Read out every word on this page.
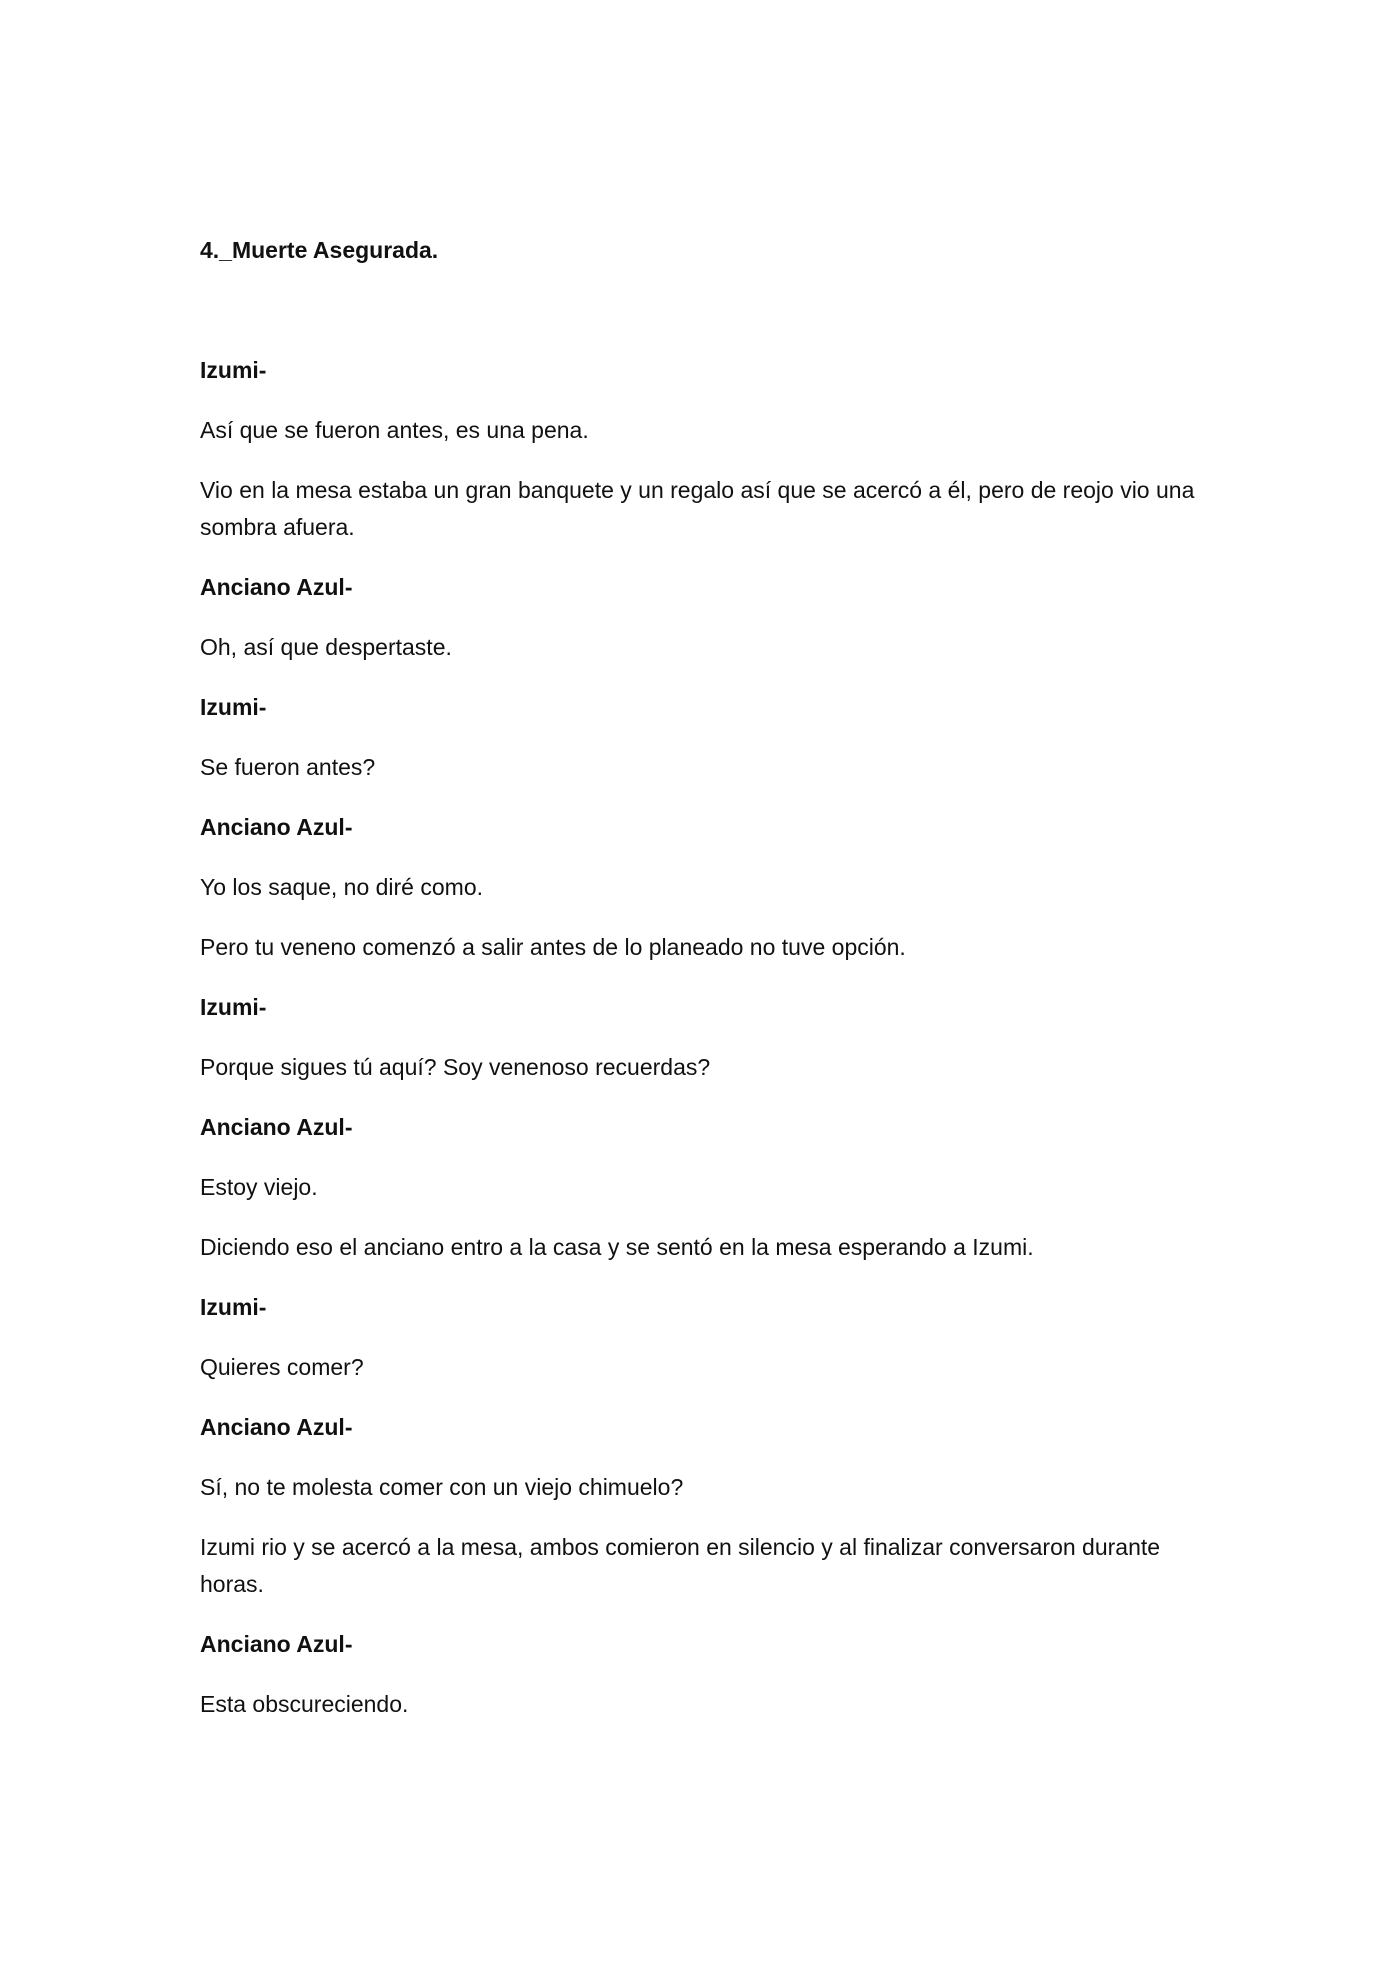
4._Muerte Asegurada.
Izumi-
Así que se fueron antes, es una pena.
Vio en la mesa estaba un gran banquete y un regalo así que se acercó a él, pero de reojo vio una sombra afuera.
Anciano Azul-
Oh, así que despertaste.
Izumi-
Se fueron antes?
Anciano Azul-
Yo los saque, no diré como.
Pero tu veneno comenzó a salir antes de lo planeado no tuve opción.
Izumi-
Porque sigues tú aquí? Soy venenoso recuerdas?
Anciano Azul-
Estoy viejo.
Diciendo eso el anciano entro a la casa y se sentó en la mesa esperando a Izumi.
Izumi-
Quieres comer?
Anciano Azul-
Sí, no te molesta comer con un viejo chimuelo?
Izumi rio y se acercó a la mesa, ambos comieron en silencio y al finalizar conversaron durante horas.
Anciano Azul-
Esta obscureciendo.
